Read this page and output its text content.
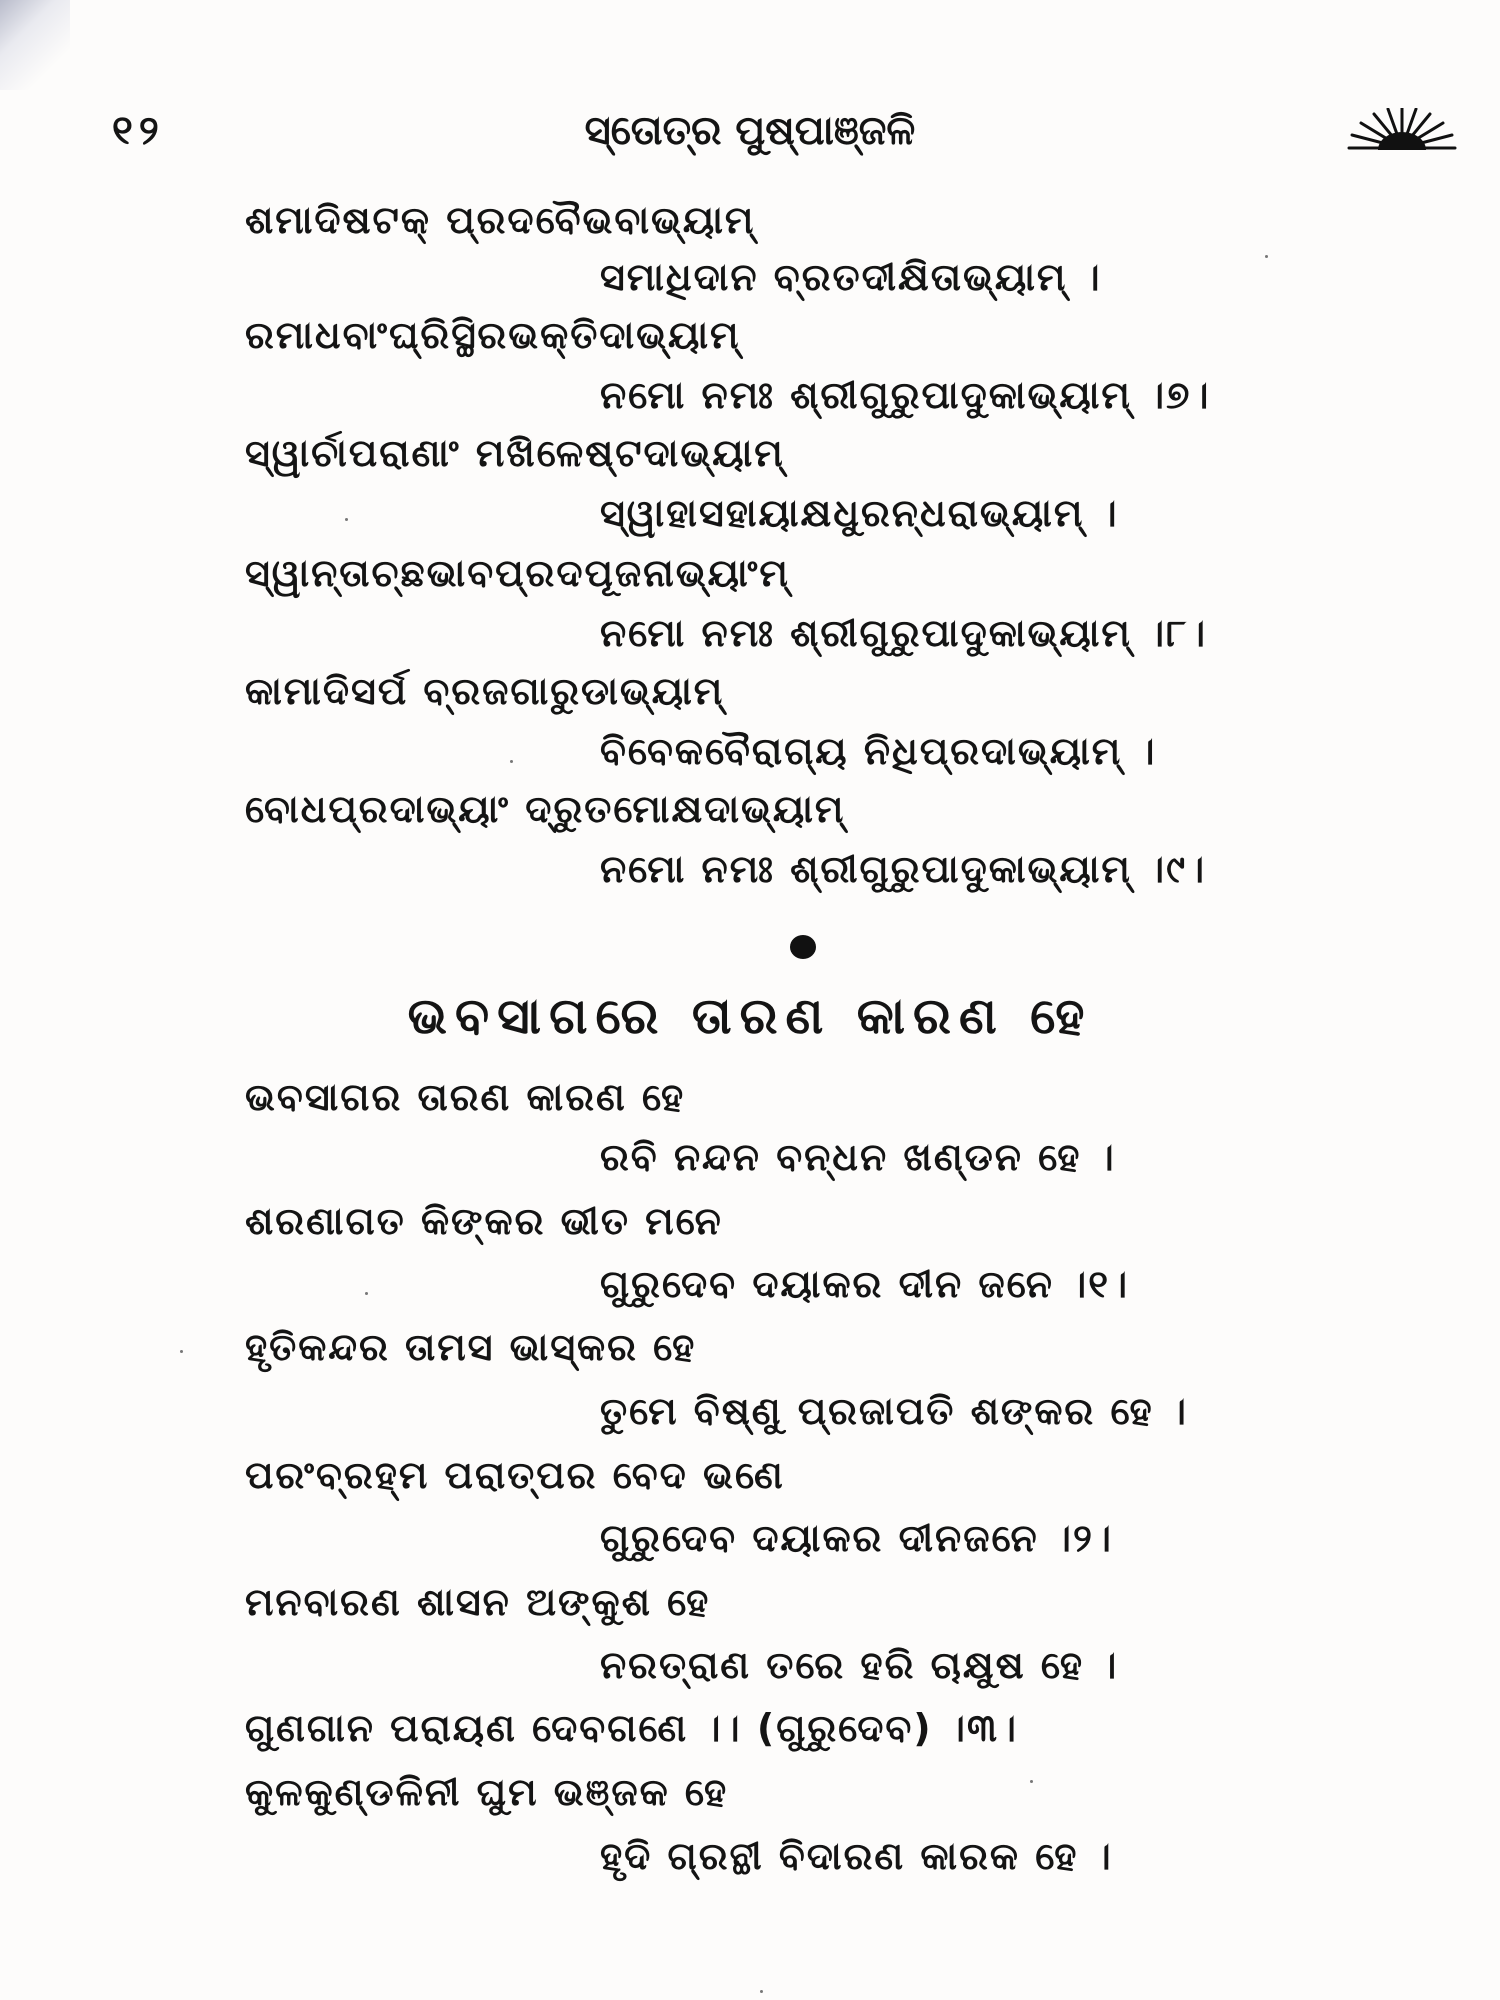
୧୨	ସ୍ତୋତ୍ର ପୁଷ୍ପାଞ୍ଜଳି
ଶମାଦିଷଟକ୍ ପ୍ରଦବୈଭବାଭ୍ୟାମ୍
ସମାଧିଦାନ ବ୍ରତଦୀକ୍ଷିତାଭ୍ୟାମ୍ ।
ରମାଧବାଂଘ୍ରିସ୍ଥିରଭକ୍ତିଦାଭ୍ୟାମ୍
ନମୋ ନମଃ ଶ୍ରୀଗୁରୁପାଦୁକାଭ୍ୟାମ୍ ।୭।
ସ୍ୱାର୍ଚାପରାଣାଂ ମଖିଳେଷ୍ଟଦାଭ୍ୟାମ୍
ସ୍ୱାହାସହାୟାକ୍ଷଧୁରନ୍ଧରାଭ୍ୟାମ୍ ।
ସ୍ୱାନ୍ତାଚ୍ଛଭାବପ୍ରଦପୂଜନାଭ୍ୟାଂମ୍
ନମୋ ନମଃ ଶ୍ରୀଗୁରୁପାଦୁକାଭ୍ୟାମ୍ ।୮।
କାମାଦିସର୍ପ ବ୍ରଜଗାରୁଡାଭ୍ୟାମ୍
ବିବେକବୈରାଗ୍ୟ ନିଧିପ୍ରଦାଭ୍ୟାମ୍ ।
ବୋଧପ୍ରଦାଭ୍ୟାଂ ଦ୍ରୁତମୋକ୍ଷଦାଭ୍ୟାମ୍
ନମୋ ନମଃ ଶ୍ରୀଗୁରୁପାଦୁକାଭ୍ୟାମ୍ ।୯।
ଭବସାଗରେ ତାରଣ କାରଣ ହେ
ଭବସାଗର ତାରଣ କାରଣ ହେ
ରବି ନନ୍ଦନ ବନ୍ଧନ ଖଣ୍ଡନ ହେ ।
ଶରଣାଗତ କିଙ୍କର ଭୀତ ମନେ
ଗୁରୁଦେବ ଦୟାକର ଦୀନ ଜନେ ।୧।
ହୃତିକନ୍ଦର ତାମସ ଭାସ୍କର ହେ
ତୁମେ ବିଷ୍ଣୁ ପ୍ରଜାପତି ଶଙ୍କର ହେ ।
ପରଂବ୍ରହ୍ମ ପରାତ୍ପର ବେଦ ଭଣେ
ଗୁରୁଦେବ ଦୟାକର ଦୀନଜନେ ।୨।
ମନବାରଣ ଶାସନ ଅଙ୍କୁଶ ହେ
ନରତ୍ରାଣ ତରେ ହରି ଚାକ୍ଷୁଷ ହେ ।
ଗୁଣଗାନ ପରାୟଣ ଦେବଗଣେ ।। (ଗୁରୁଦେବ) ।୩।
କୁଳକୁଣ୍ଡଳିନୀ ଘୁମ ଭଞ୍ଜକ ହେ
ହୃଦି ଗ୍ରନ୍ଥୀ ବିଦାରଣ କାରକ ହେ ।
